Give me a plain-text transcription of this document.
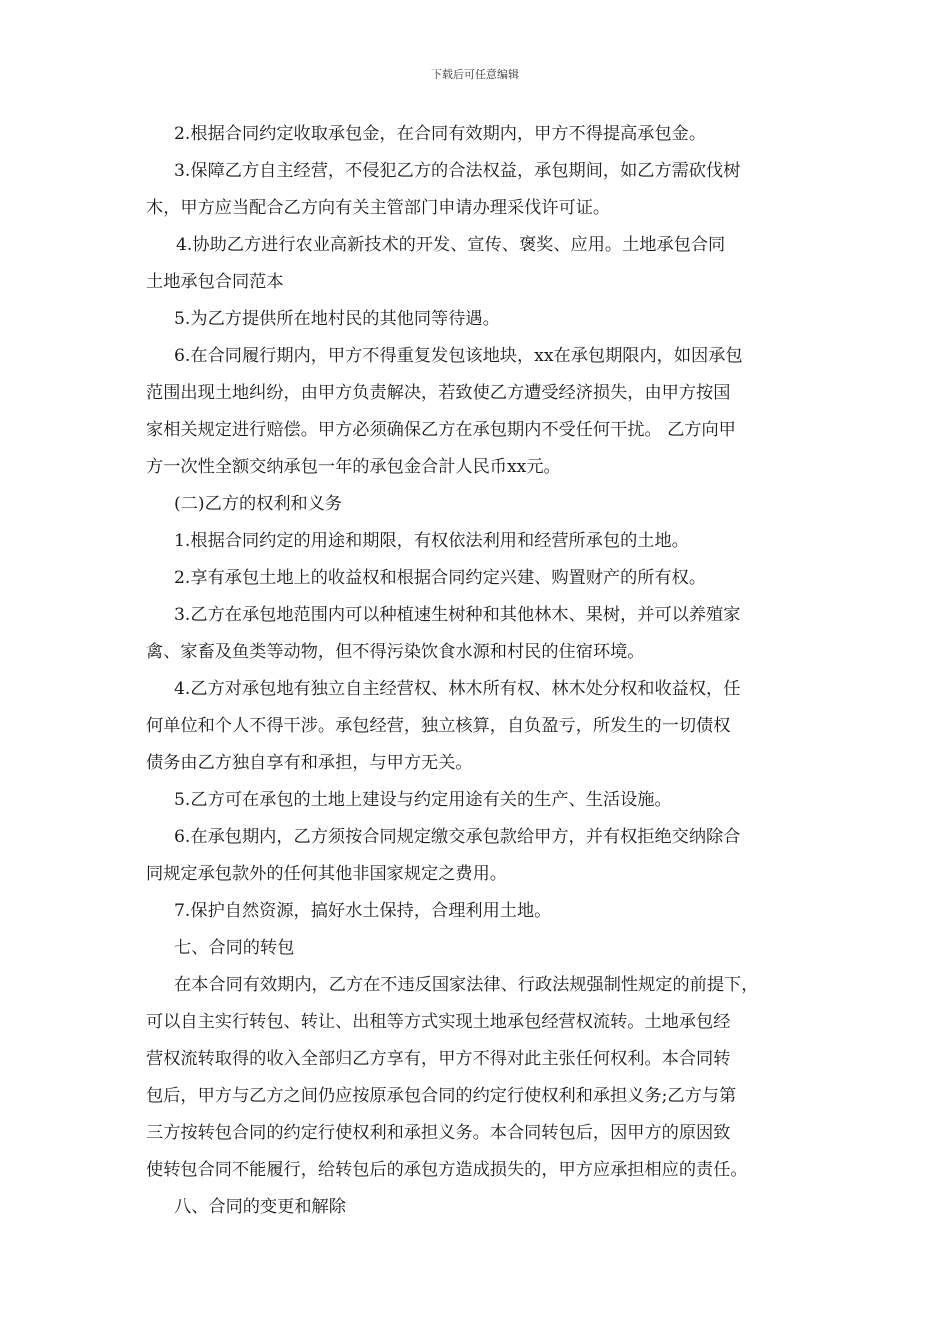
下载后可任意编辑
2.根据合同约定收取承包金，在合同有效期内，甲方不得提高承包金。
3.保障乙方自主经营，不侵犯乙方的合法权益，承包期间，如乙方需砍伐树
木，甲方应当配合乙方向有关主管部门申请办理采伐许可证。
4.协助乙方进行农业高新技术的开发、宣传、褒奖、应用。土地承包合同
土地承包合同范本
5.为乙方提供所在地村民的其他同等待遇。
6.在合同履行期内，甲方不得重复发包该地块，xx在承包期限内，如因承包
范围出现土地纠纷，由甲方负责解决，若致使乙方遭受经济损失，由甲方按国
家相关规定进行赔偿。甲方必须确保乙方在承包期内不受任何干扰。 乙方向甲
方一次性全额交纳承包一年的承包金合計人民币xx元。
(二)乙方的权利和义务
1.根据合同约定的用途和期限，有权依法利用和经营所承包的土地。
2.享有承包土地上的收益权和根据合同约定兴建、购置财产的所有权。
3.乙方在承包地范围内可以种植速生树种和其他林木、果树，并可以养殖家
禽、家畜及鱼类等动物，但不得污染饮食水源和村民的住宿环境。
4.乙方对承包地有独立自主经营权、林木所有权、林木处分权和收益权，任
何单位和个人不得干涉。承包经营，独立核算，自负盈亏，所发生的一切债权
债务由乙方独自享有和承担，与甲方无关。
5.乙方可在承包的土地上建设与约定用途有关的生产、生活设施。
6.在承包期内，乙方须按合同规定缴交承包款给甲方，并有权拒绝交纳除合
同规定承包款外的任何其他非国家规定之费用。
7.保护自然资源，搞好水土保持，合理利用土地。
七、合同的转包
在本合同有效期内，乙方在不违反国家法律、行政法规强制性规定的前提下，
可以自主实行转包、转让、出租等方式实现土地承包经营权流转。土地承包经
营权流转取得的收入全部归乙方享有，甲方不得对此主张任何权利。本合同转
包后，甲方与乙方之间仍应按原承包合同的约定行使权利和承担义务;乙方与第
三方按转包合同的约定行使权利和承担义务。本合同转包后，因甲方的原因致
使转包合同不能履行，给转包后的承包方造成损失的，甲方应承担相应的责任。
八、合同的变更和解除
